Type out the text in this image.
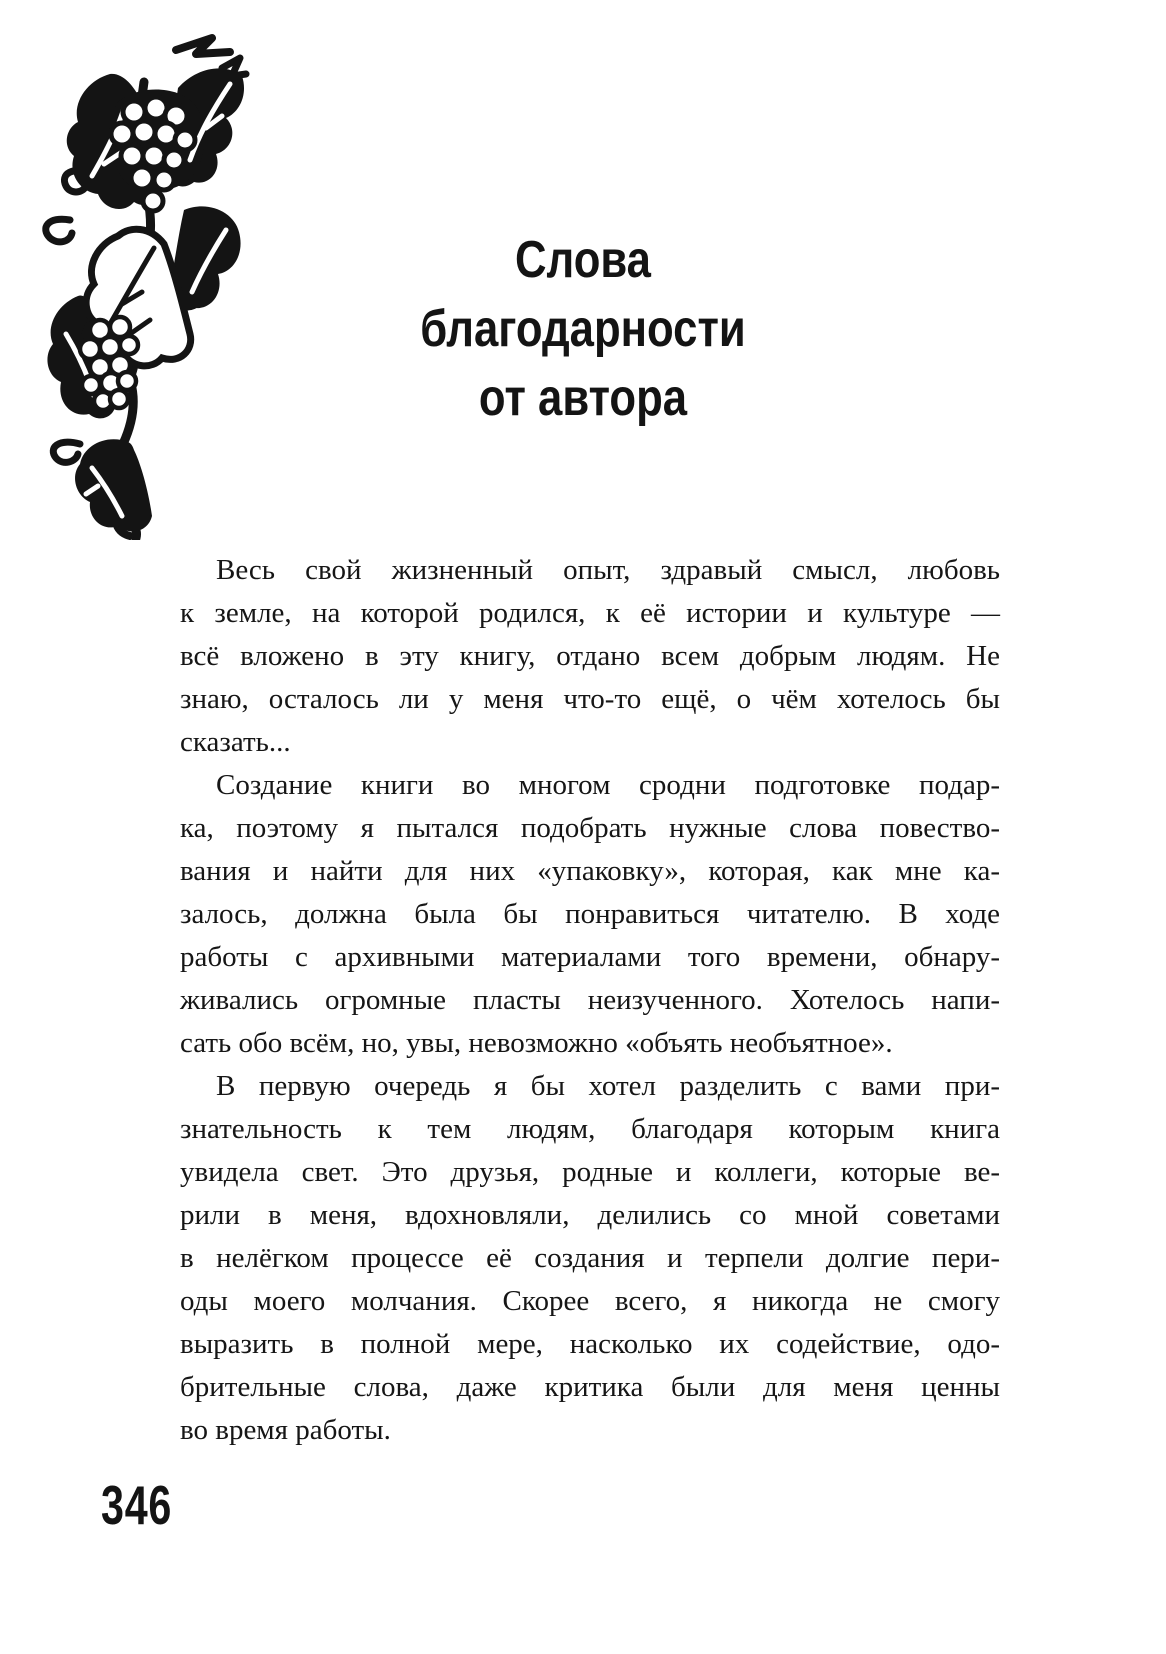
Слова
благодарности
от автора
Весь свой жизненный опыт, здравый смысл, любовь
к земле, на которой родился, к её истории и культуре —
всё вложено в эту книгу, отдано всем добрым людям. Не
знаю, осталось ли у меня что-то ещё, о чём хотелось бы
сказать...
Создание книги во многом сродни подготовке подар-
ка, поэтому я пытался подобрать нужные слова повество-
вания и найти для них «упаковку», которая, как мне ка-
залось, должна была бы понравиться читателю. В ходе
работы с архивными материалами того времени, обнару-
живались огромные пласты неизученного. Хотелось напи-
сать обо всём, но, увы, невозможно «объять необъятное».
В первую очередь я бы хотел разделить с вами при-
знательность к тем людям, благодаря которым книга
увидела свет. Это друзья, родные и коллеги, которые ве-
рили в меня, вдохновляли, делились со мной советами
в нелёгком процессе её создания и терпели долгие пери-
оды моего молчания. Скорее всего, я никогда не смогу
выразить в полной мере, насколько их содействие, одо-
брительные слова, даже критика были для меня ценны
во время работы.
346
